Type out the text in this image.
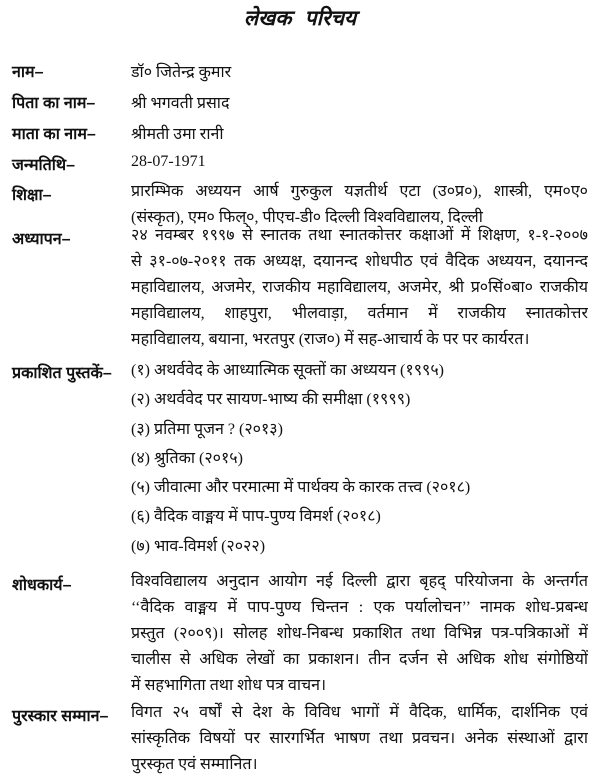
लेखक परिचय
नाम–	डॉ० जितेन्द्र कुमार
पिता का नाम– श्री भगवती प्रसाद
माता का नाम– श्रीमती उमा रानी
जन्मतिथि–	28-07-1971
शिक्षा–	प्रारम्भिक अध्ययन आर्ष गुरुकुल यज्ञतीर्थ एटा (उ०प्र०), शास्त्री, एम०ए०
(संस्कृत), एम० फिल्०, पीएच-डी० दिल्ली विश्वविद्यालय, दिल्ली
अध्यापन–	२४ नवम्बर १९९७ से स्नातक तथा स्नातकोत्तर कक्षाओं में शिक्षण, १-१-२००७
से ३१-०७-२०११ तक अध्यक्ष, दयानन्द शोधपीठ एवं वैदिक अध्ययन, दयानन्द
महाविद्यालय, अजमेर, राजकीय महाविद्यालय, अजमेर, श्री प्र०सिं०बा० राजकीय
महाविद्यालय, शाहपुरा, भीलवाड़ा, वर्तमान में राजकीय स्नातकोत्तर
महाविद्यालय, बयाना, भरतपुर (राज०) में सह-आचार्य के पर पर कार्यरत।
प्रकाशित पुस्तकें– (१) अथर्ववेद के आध्यात्मिक सूक्तों का अध्ययन (१९९५)
(२) अथर्ववेद पर सायण-भाष्य की समीक्षा (१९९९)
(३) प्रतिमा पूजन ? (२०१३)
(४) श्रुतिका (२०१५)
(५) जीवात्मा और परमात्मा में पार्थक्य के कारक तत्त्व (२०१८)
(६) वैदिक वाङ्मय में पाप-पुण्य विमर्श (२०१८)
(७) भाव-विमर्श (२०२२)
शोधकार्य–	विश्वविद्यालय अनुदान आयोग नई दिल्ली द्वारा बृहद् परियोजना के अन्तर्गत
‘‘वैदिक वाङ्मय में पाप-पुण्य चिन्तन : एक पर्यालोचन’’ नामक शोध-प्रबन्ध
प्रस्तुत (२००९)। सोलह शोध-निबन्ध प्रकाशित तथा विभिन्न पत्र-पत्रिकाओं में
चालीस से अधिक लेखों का प्रकाशन। तीन दर्जन से अधिक शोध संगोष्ठियों
में सहभागिता तथा शोध पत्र वाचन।
पुरस्कार सम्मान– विगत २५ वर्षों से देश के विविध भागों में वैदिक, धार्मिक, दार्शनिक एवं
सांस्कृतिक विषयों पर सारगर्भित भाषण तथा प्रवचन। अनेक संस्थाओं द्वारा
पुरस्कृत एवं सम्मानित।
